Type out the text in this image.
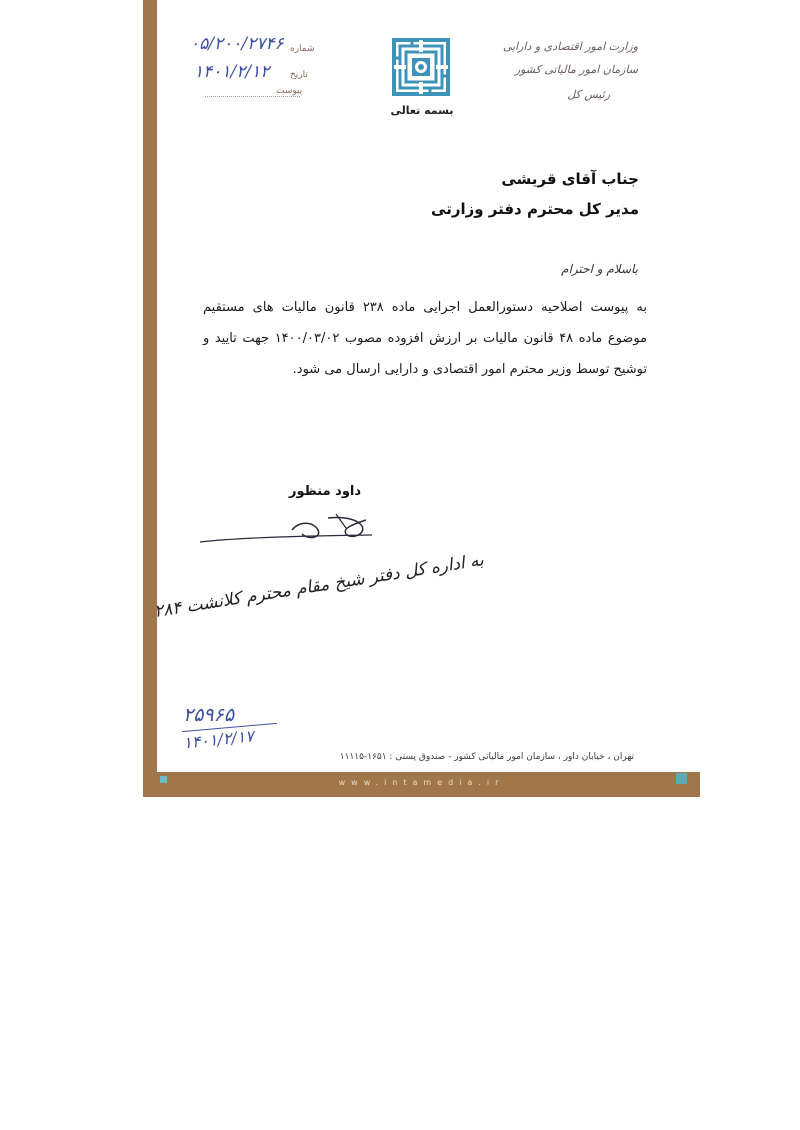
۰۵/۲۰۰/۲۷۴۶ شماره
۱۴۰۱/۲/۱۲ تاریخ
پیوست
بسمه تعالی
وزارت امور اقتصادی و دارایی
سازمان امور مالیاتی کشور
رئیس کل
جناب آقای قریشی
مدیر کل محترم دفتر وزارتی
باسلام و احترام
به پیوست اصلاحیه دستورالعمل اجرایی ماده ۲۳۸ قانون مالیات های مستقیم موضوع ماده ۴۸ قانون مالیات بر ارزش افزوده مصوب ۱۴۰۰/۰۳/۰۲ جهت تایید و توشیح توسط وزیر محترم امور اقتصادی و دارایی ارسال می شود.
داود منظور
به اداره کل دفتر شیخ مقام محترم کلانشت ۲۸۴
۲۵۹۶۵
۱۴۰۱/۲/۱۷
تهران ، خیابان داور ، سازمان امور مالیاتی کشور - صندوق پستی : ۱۶۵۱-۱۱۱۱۵
www.intamedia.ir
